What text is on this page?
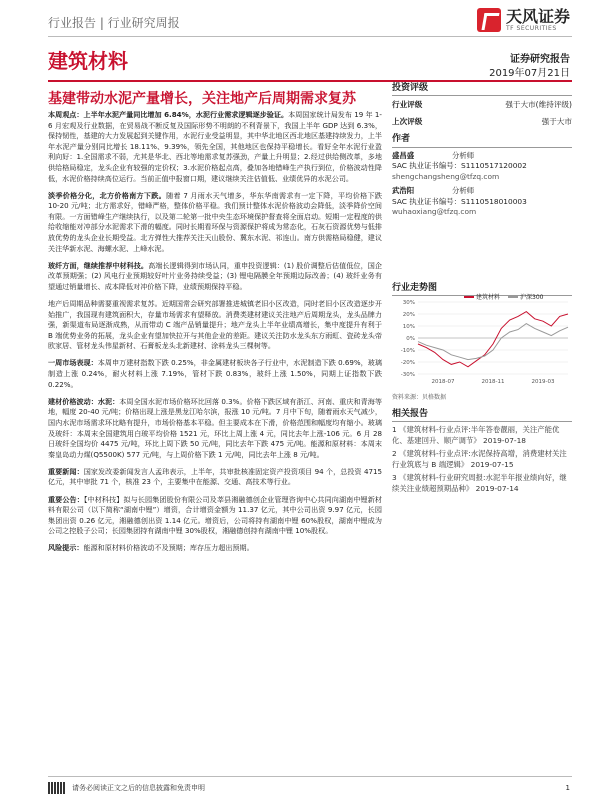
行业报告 | 行业研究周报	天风证券
TF SECURITIES
建筑材料	证券研究报告
2019年07月21日
基建带动水泥产量增长，关注地产后周期需求复苏

本周观点：上半年水泥产量同比增加 6.84%，水泥行业需求逻辑逐步验证。本周国家统计局发布 19 年 1-6 月宏观及行业数据，在贸易战不断反复及国际形势不明朗的不利背景下，我国上半年 GDP 达到 6.3%，保持韧性，基建的大力发展起到关键作用，水泥行业受益明显，其中华北地区西北地区基建持续发力，上半年水泥产量分别同比增长 18.11%、9.39%，领先全国，其他地区也保持平稳增长。看好全年水泥行业盈利向好：1.全国需求不弱，尤其是华北、西北等地需求复苏强劲，产量上升明显；2.经过供给侧改革，多地供给格局稳定，龙头企业有较强的定价权；3.水泥价格起点高，叠加各地错峰生产执行到位，价格波动性降低，水泥价格持续高位运行。当前正值中报窗口期，建议继续关注估值低、业绩优异的水泥公司。

淡季价格分化，北方价格南方下跌。随着 7 月雨水天气增多，华东华南需求有一定下降，平均价格下跌 10-20 元/吨；北方需求好，错峰严格，整体价格平稳。我们预计整体水泥价格波动会降低，淡季降价空间有限。一方面错峰生产继续执行，以及第二轮第一批中央生态环境保护督查将全面启动。短期一定程度的供给收缩能对冲部分水泥需求下滑的幅度。同时长期看环保与资源保护将成为常态化，石灰石资源优势与低排放优势的龙头企业长期受益。北方弹性大推荐关注天山股份、冀东水泥、祁连山。南方供需格局稳健，建议关注华新水泥、海螺水泥、上峰水泥。

玻纤方面，继续推荐中材科技。高端长逻辑得到市场认同，重申投资逻辑：(1) 股价调整后估值低位，国企改革预期强；(2) 风电行业预期较好叶片业务持续受益；(3) 锂电隔膜全年预期边际改善；(4) 玻纤业务有望通过销量增长、成本降低对冲价格下降，业绩预期保持平稳。

地产后周期品种需要重视需求复苏。近期国常会研究部署推进城镇老旧小区改造，同时老旧小区改造逐步开始推广，我国现有建筑面积大，存量市场需求有望释放。消费类建材建议关注地产后周期龙头，龙头品牌力强，新渠道布局逐渐成熟，从而带动 C 端产品销量提升；地产龙头上半年业绩高增长，集中度提升有利于 B 端优势业务的拓展，龙头企业有望加快拉开与其他企业的差距。建议关注防水龙头东方雨虹、瓷砖龙头帝欧家居、管材龙头伟星新材、石膏板龙头北新建材、涂料龙头三棵树等。

一周市场表现：本周申万建材指数下跌 0.25%，非金属建材板块各子行业中，水泥制造下跌 0.69%，玻璃制造上涨 0.24%，耐火材料上涨 7.19%，管材下跌 0.83%，玻纤上涨 1.50%，同期上证指数下跌 0.22%。

建材价格波动：水泥：本周全国水泥市场价格环比回落 0.3%。价格下跌区域有浙江、河南、重庆和青海等地，幅度 20-40 元/吨；价格出现上涨是黑龙江哈尔滨，报涨 10 元/吨。7 月中下旬，随着雨水天气减少，国内水泥市场需求环比略有提升，市场价格基本平稳。但主要成本在下滑，价格范围和幅度均有缩小。玻璃及玻纤：本周末全国建筑用白玻平均价格 1521 元，环比上周上涨 4 元，同比去年上涨-106 元。6 月 28 日玻纤全国均价 4475 元/吨，环比上周下跌 50 元/吨，同比去年下跌 475 元/吨。能源和原材料：本周末秦皇岛动力煤(Q5500K) 577 元/吨，与上周价格下跌 1 元/吨，同比去年上涨 8 元/吨。

重要新闻：国家发改委新闻发言人孟玮表示，上半年，共审批核准固定资产投资项目 94 个，总投资 4715 亿元，其中审批 71 个，核准 23 个，主要集中在能源、交通、高技术等行业。

重要公告：【中材科技】拟与长园集团股份有限公司及莘县湘融德创企业管理咨询中心共同向湖南中锂新材料有限公司（以下简称“湖南中锂”）增资，合计增资金额为 11.37 亿元，其中公司出资 9.97 亿元，长园集团出资 0.26 亿元，湘融德创出资 1.14 亿元。增资后，公司将持有湖南中锂 60%股权，湖南中锂成为公司之控股子公司；长园集团持有湖南中锂 30%股权，湘融德创持有湖南中锂 10%股权。

风险提示：能源和原材料价格波动不及预期；库存压力超出预期。

投资评级
行业评级	强于大市(维持评级)
上次评级	强于大市
作者
盛昌盛	分析师
SAC 执业证书编号：S1110517120002
shengchangsheng@tfzq.com
武浩阳	分析师
SAC 执业证书编号：S1110518010003
wuhaoxiang@tfzq.com
行业走势图
建筑材料	沪深300
30%
20%
10%
0%
-10%
-20%
-30%
2018-07	2018-11	2019-03
资料来源：贝格数据
相关报告
1 《建筑材料-行业点评:半年答卷靓丽，关注产能优化、基建回升、顺产调节》 2019-07-18
2 《建筑材料-行业点评:水泥保持高增，消费建材关注行业筑底与 B 端逻辑》 2019-07-15
3 《建筑材料-行业研究周报:水泥半年报业绩向好，继续关注业绩超预期品种》 2019-07-14
请务必阅读正文之后的信息披露和免责申明	1
